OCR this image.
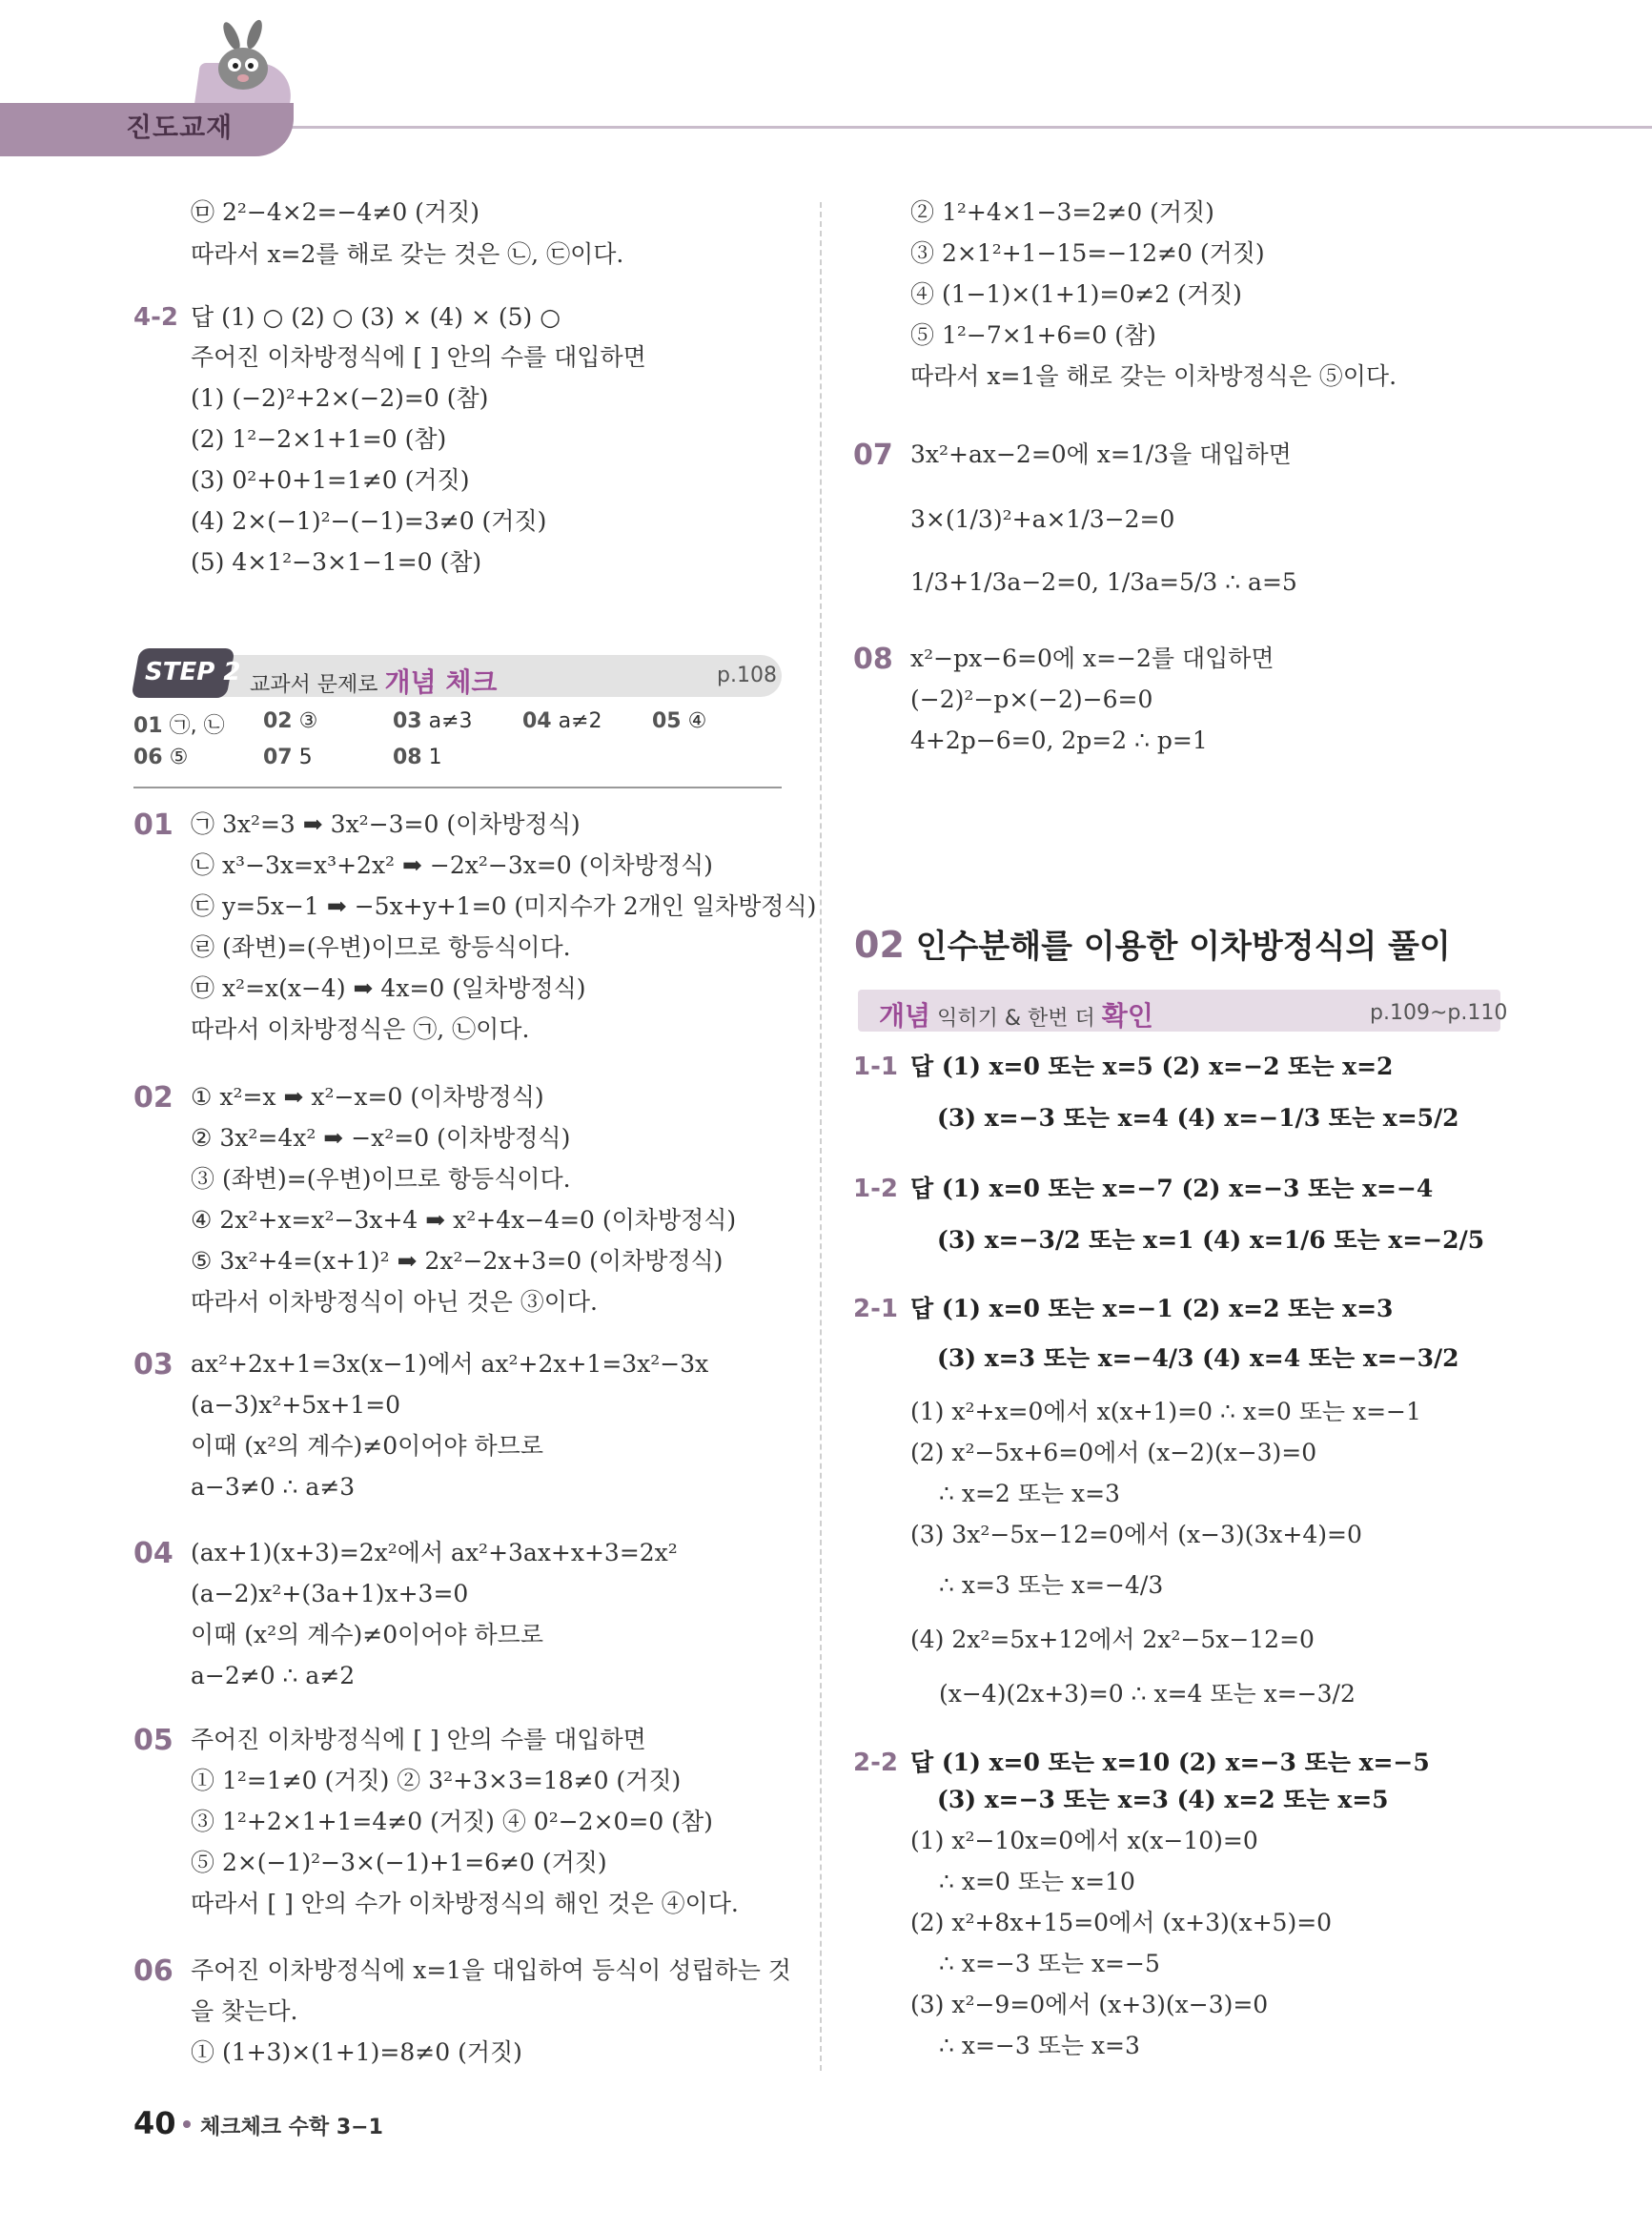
진도교재
㉤ 2²−4×2=−4≠0 (거짓)
따라서 x=2를 해로 갖는 것은 ㉡, ㉢이다.
4-2 답 (1) ○ (2) ○ (3) × (4) × (5) ○
주어진 이차방정식에 [ ] 안의 수를 대입하면
(1) (−2)²+2×(−2)=0 (참)
(2) 1²−2×1+1=0 (참)
(3) 0²+0+1=1≠0 (거짓)
(4) 2×(−1)²−(−1)=3≠0 (거짓)
(5) 4×1²−3×1−1=0 (참)
STEP 2 교과서 문제로 개념 체크	p.108
01 ㉠, ㉡ 02 ③	03 a≠3 04 a≠2 05 ④
06 ⑤	07 5	08 1
01 ㉠ 3x²=3 ➡ 3x²−3=0 (이차방정식)
㉡ x³−3x=x³+2x² ➡ −2x²−3x=0 (이차방정식)
㉢ y=5x−1 ➡ −5x+y+1=0 (미지수가 2개인 일차방정식)
㉣ (좌변)=(우변)이므로 항등식이다.
㉤ x²=x(x−4) ➡ 4x=0 (일차방정식)
따라서 이차방정식은 ㉠, ㉡이다.
02 ① x²=x ➡ x²−x=0 (이차방정식)
② 3x²=4x² ➡ −x²=0 (이차방정식)
③ (좌변)=(우변)이므로 항등식이다.
④ 2x²+x=x²−3x+4 ➡ x²+4x−4=0 (이차방정식)
⑤ 3x²+4=(x+1)² ➡ 2x²−2x+3=0 (이차방정식)
따라서 이차방정식이 아닌 것은 ③이다.
03 ax²+2x+1=3x(x−1)에서 ax²+2x+1=3x²−3x
(a−3)x²+5x+1=0
이때 (x²의 계수)≠0이어야 하므로
a−3≠0 ∴ a≠3
04 (ax+1)(x+3)=2x²에서 ax²+3ax+x+3=2x²
(a−2)x²+(3a+1)x+3=0
이때 (x²의 계수)≠0이어야 하므로
a−2≠0 ∴ a≠2
05 주어진 이차방정식에 [ ] 안의 수를 대입하면
① 1²=1≠0 (거짓) ② 3²+3×3=18≠0 (거짓)
③ 1²+2×1+1=4≠0 (거짓) ④ 0²−2×0=0 (참)
⑤ 2×(−1)²−3×(−1)+1=6≠0 (거짓)
따라서 [ ] 안의 수가 이차방정식의 해인 것은 ④이다.
06 주어진 이차방정식에 x=1을 대입하여 등식이 성립하는 것
을 찾는다.
① (1+3)×(1+1)=8≠0 (거짓)
② 1²+4×1−3=2≠0 (거짓)
③ 2×1²+1−15=−12≠0 (거짓)
④ (1−1)×(1+1)=0≠2 (거짓)
⑤ 1²−7×1+6=0 (참)
따라서 x=1을 해로 갖는 이차방정식은 ⑤이다.
07 3x²+ax−2=0에 x=1/3을 대입하면
3×(1/3)²+a×1/3−2=0
1/3+1/3a−2=0, 1/3a=5/3 ∴ a=5
08 x²−px−6=0에 x=−2를 대입하면
(−2)²−p×(−2)−6=0
4+2p−6=0, 2p=2 ∴ p=1
02 인수분해를 이용한 이차방정식의 풀이
개념 익히기 & 한번 더 확인	p.109~p.110
1-1 답 (1) x=0 또는 x=5 (2) x=−2 또는 x=2
(3) x=−3 또는 x=4 (4) x=−1/3 또는 x=5/2
1-2 답 (1) x=0 또는 x=−7 (2) x=−3 또는 x=−4
(3) x=−3/2 또는 x=1 (4) x=1/6 또는 x=−2/5
2-1 답 (1) x=0 또는 x=−1 (2) x=2 또는 x=3
(3) x=3 또는 x=−4/3 (4) x=4 또는 x=−3/2
(1) x²+x=0에서 x(x+1)=0 ∴ x=0 또는 x=−1
(2) x²−5x+6=0에서 (x−2)(x−3)=0
∴ x=2 또는 x=3
(3) 3x²−5x−12=0에서 (x−3)(3x+4)=0
∴ x=3 또는 x=−4/3
(4) 2x²=5x+12에서 2x²−5x−12=0
(x−4)(2x+3)=0 ∴ x=4 또는 x=−3/2
2-2 답 (1) x=0 또는 x=10 (2) x=−3 또는 x=−5
(3) x=−3 또는 x=3 (4) x=2 또는 x=5
(1) x²−10x=0에서 x(x−10)=0
∴ x=0 또는 x=10
(2) x²+8x+15=0에서 (x+3)(x+5)=0
∴ x=−3 또는 x=−5
(3) x²−9=0에서 (x+3)(x−3)=0
∴ x=−3 또는 x=3
40 체크체크 수학 3−1
